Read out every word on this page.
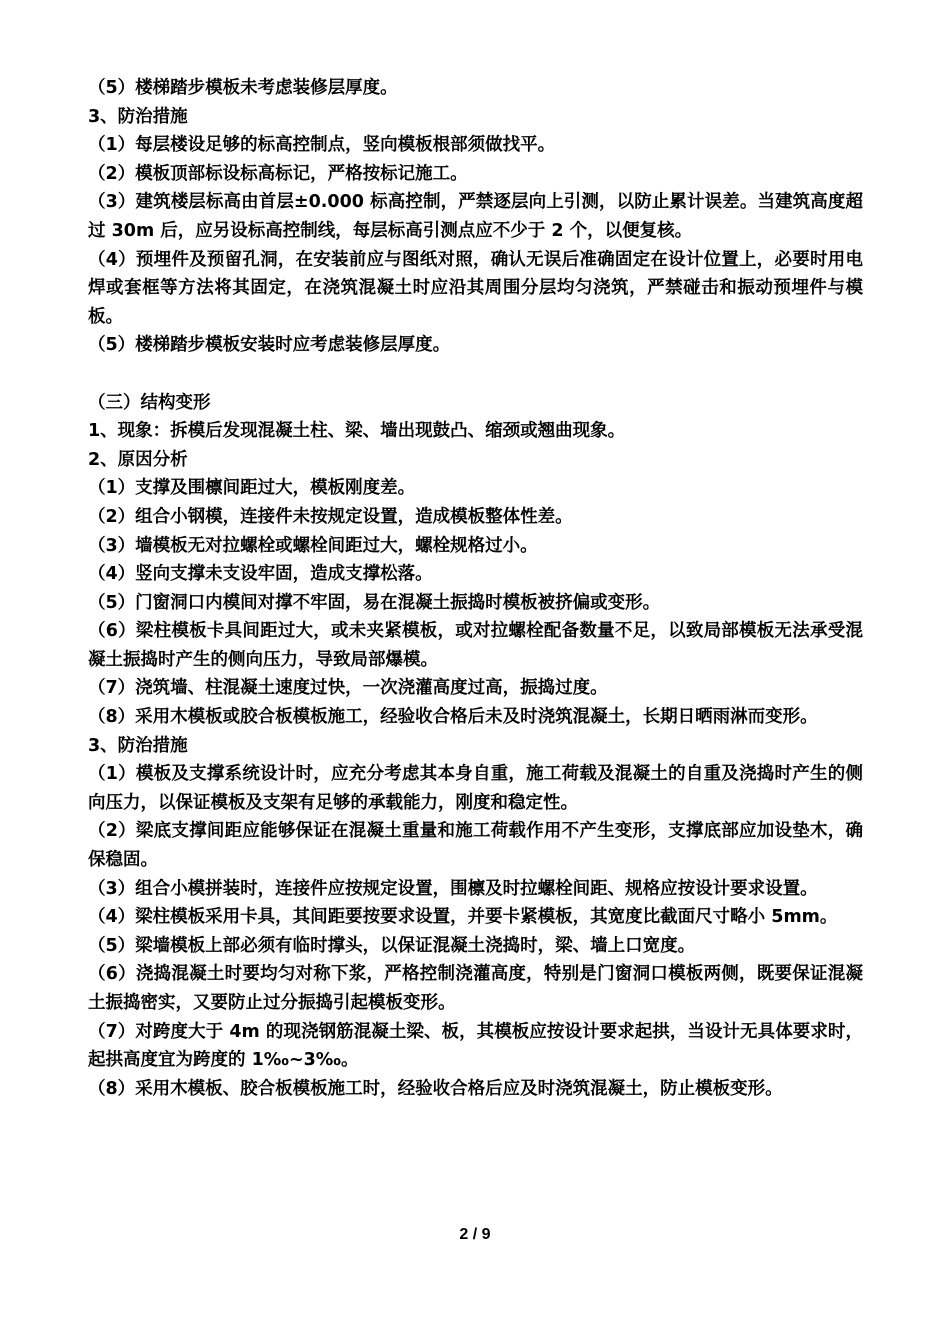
（5）楼梯踏步模板未考虑装修层厚度。

3、防治措施

（1）每层楼设足够的标高控制点，竖向模板根部须做找平。

（2）模板顶部标设标高标记，严格按标记施工。

（3）建筑楼层标高由首层±0.000 标高控制，严禁逐层向上引测，以防止累计误差。当建筑高度超过 30m 后，应另设标高控制线，每层标高引测点应不少于 2 个，以便复核。

（4）预埋件及预留孔洞，在安装前应与图纸对照，确认无误后准确固定在设计位置上，必要时用电焊或套框等方法将其固定，在浇筑混凝土时应沿其周围分层均匀浇筑，严禁碰击和振动预埋件与模板。

（5）楼梯踏步模板安装时应考虑装修层厚度。

（三）结构变形

1、现象：拆模后发现混凝土柱、梁、墙出现鼓凸、缩颈或翘曲现象。

2、原因分析

（1）支撑及围檩间距过大，模板刚度差。

（2）组合小钢模，连接件未按规定设置，造成模板整体性差。

（3）墙模板无对拉螺栓或螺栓间距过大，螺栓规格过小。

（4）竖向支撑未支设牢固，造成支撑松落。

（5）门窗洞口内模间对撑不牢固，易在混凝土振捣时模板被挤偏或变形。

（6）梁柱模板卡具间距过大，或未夹紧模板，或对拉螺栓配备数量不足，以致局部模板无法承受混凝土振捣时产生的侧向压力，导致局部爆模。

（7）浇筑墙、柱混凝土速度过快，一次浇灌高度过高，振捣过度。

（8）采用木模板或胶合板模板施工，经验收合格后未及时浇筑混凝土，长期日晒雨淋而变形。

3、防治措施

（1）模板及支撑系统设计时，应充分考虑其本身自重，施工荷载及混凝土的自重及浇捣时产生的侧向压力，以保证模板及支架有足够的承载能力，刚度和稳定性。

（2）梁底支撑间距应能够保证在混凝土重量和施工荷载作用不产生变形，支撑底部应加设垫木，确保稳固。

（3）组合小模拼装时，连接件应按规定设置，围檩及时拉螺栓间距、规格应按设计要求设置。

（4）梁柱模板采用卡具，其间距要按要求设置，并要卡紧模板，其宽度比截面尺寸略小 5mm。

（5）梁墙模板上部必须有临时撑头，以保证混凝土浇捣时，梁、墙上口宽度。

（6）浇捣混凝土时要均匀对称下浆，严格控制浇灌高度，特别是门窗洞口模板两侧，既要保证混凝土振捣密实，又要防止过分振捣引起模板变形。

（7）对跨度大于 4m 的现浇钢筋混凝土梁、板，其模板应按设计要求起拱，当设计无具体要求时，起拱高度宜为跨度的 1‰~3‰。

（8）采用木模板、胶合板模板施工时，经验收合格后应及时浇筑混凝土，防止模板变形。

2 / 9
